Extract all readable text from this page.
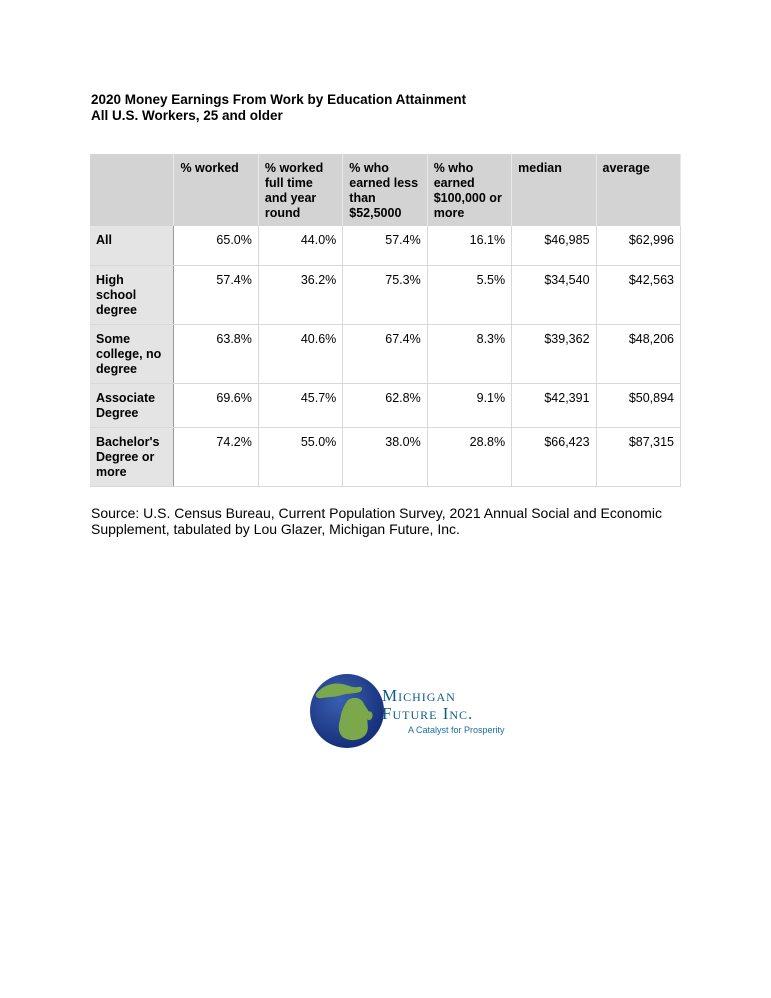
2020 Money Earnings From Work by Education Attainment
All U.S. Workers, 25 and older
	% worked	% worked full time and year round	% who earned less than $52,5000	% who earned $100,000 or more	median	average
All	65.0%	44.0%	57.4%	16.1%	$46,985	$62,996
High school degree	57.4%	36.2%	75.3%	5.5%	$34,540	$42,563
Some college, no degree	63.8%	40.6%	67.4%	8.3%	$39,362	$48,206
Associate Degree	69.6%	45.7%	62.8%	9.1%	$42,391	$50,894
Bachelor's Degree or more	74.2%	55.0%	38.0%	28.8%	$66,423	$87,315
Source: U.S. Census Bureau, Current Population Survey, 2021 Annual Social and Economic Supplement, tabulated by Lou Glazer, Michigan Future, Inc.
Michigan
Future Inc.
A Catalyst for Prosperity
